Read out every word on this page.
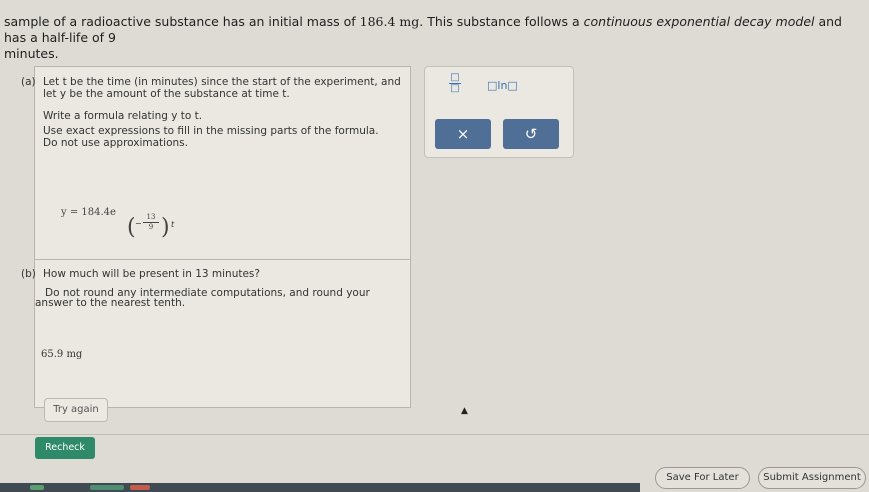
sample of a radioactive substance has an initial mass of 186.4 mg. This substance follows a continuous exponential decay model and has a half-life of 9
minutes.
(a) Let t be the time (in minutes) since the start of the experiment, and
let y be the amount of the substance at time t.
Write a formula relating y to t.
Use exact expressions to fill in the missing parts of the formula.
Do not use approximations.
y = 184.4e
( − $\frac{13}{9}$ ) t
(b) How much will be present in 13 minutes?
Do not round any intermediate computations, and round your
answer to the nearest tenth.
65.9 mg
Try again
□
□ □ln□
×	↺
▲
Recheck
Save For Later	Submit Assignment
